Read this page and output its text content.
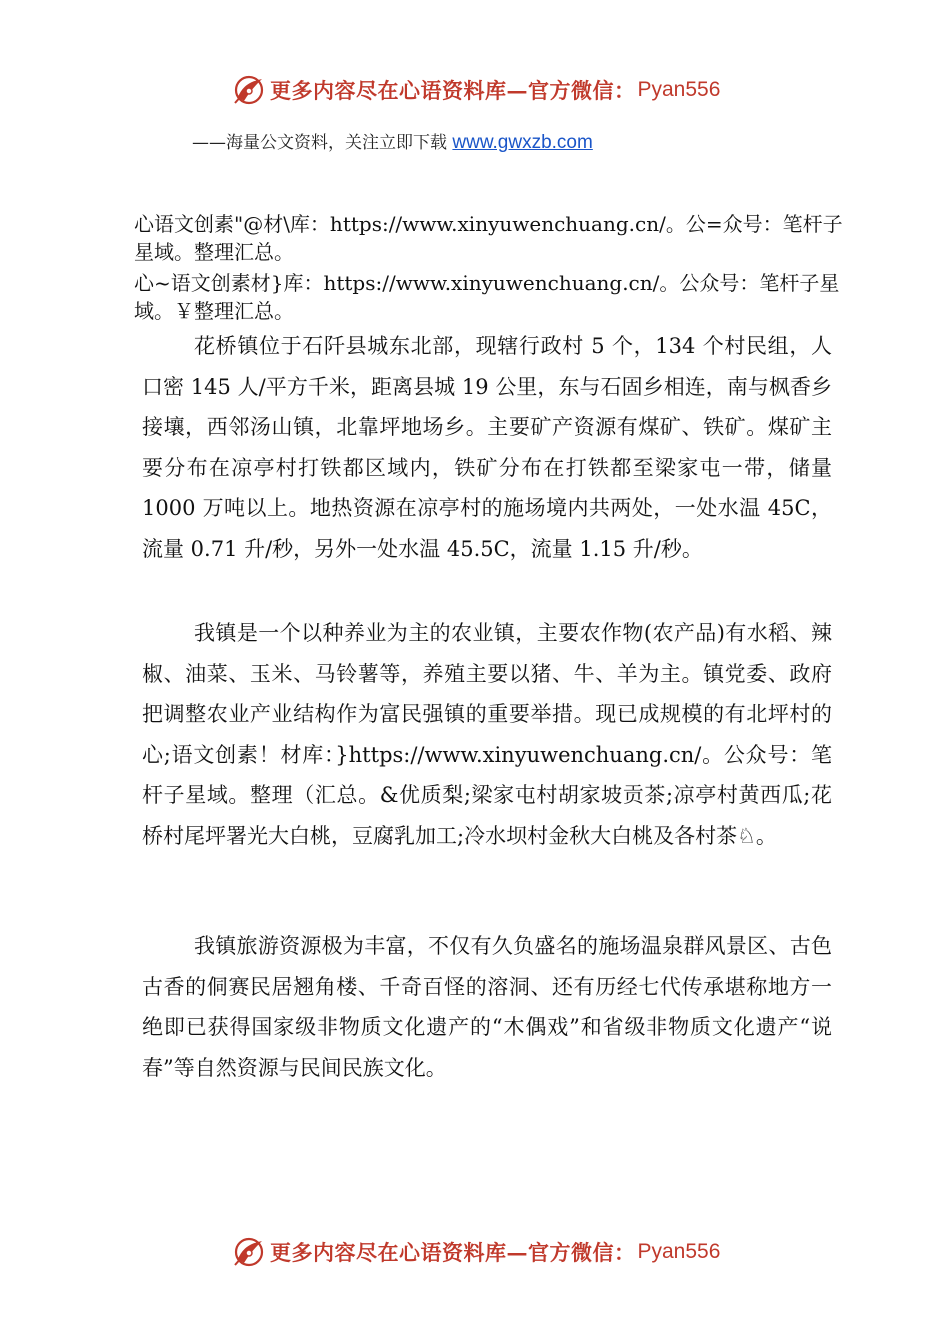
更多内容尽在心语资料库—官方微信： Pyan556
——海量公文资料，关注立即下载 www.gwxzb.com

心语文创素"@材\库：https://www.xinyuwenchuang.cn/。公=众号：笔杆子星域。整理汇总。

心~语文创素材}库：https://www.xinyuwenchuang.cn/。公众号：笔杆子星域。￥整理汇总。

花桥镇位于石阡县城东北部，现辖行政村 5 个，134 个村民组，人口密 145 人/平方千米，距离县城 19 公里，东与石固乡相连，南与枫香乡接壤，西邻汤山镇，北靠坪地场乡。主要矿产资源有煤矿、铁矿。煤矿主要分布在凉亭村打铁都区域内，铁矿分布在打铁都至梁家屯一带，储量 1000 万吨以上。地热资源在凉亭村的施场境内共两处，一处水温 45C， 流量 0.71 升/秒，另外一处水温 45.5C，流量 1.15 升/秒。

我镇是一个以种养业为主的农业镇，主要农作物(农产品)有水稻、辣椒、油菜、玉米、马铃薯等，养殖主要以猪、牛、羊为主。镇党委、政府把调整农业产业结构作为富民强镇的重要举措。现已成规模的有北坪村的心;语文创素！材库：}https://www.xinyuwenchuang.cn/。公众号：笔杆子星域。整理（汇总。&优质梨;梁家屯村胡家坡贡茶;凉亭村黄西瓜;花桥村尾坪署光大白桃，豆腐乳加工;冷水坝村金秋大白桃及各村茶♘。

我镇旅游资源极为丰富，不仅有久负盛名的施场温泉群风景区、古色古香的侗赛民居翘角楼、千奇百怪的溶洞、还有历经七代传承堪称地方一绝即已获得国家级非物质文化遗产的“木偶戏”和省级非物质文化遗产“说春”等自然资源与民间民族文化。

更多内容尽在心语资料库—官方微信： Pyan556
